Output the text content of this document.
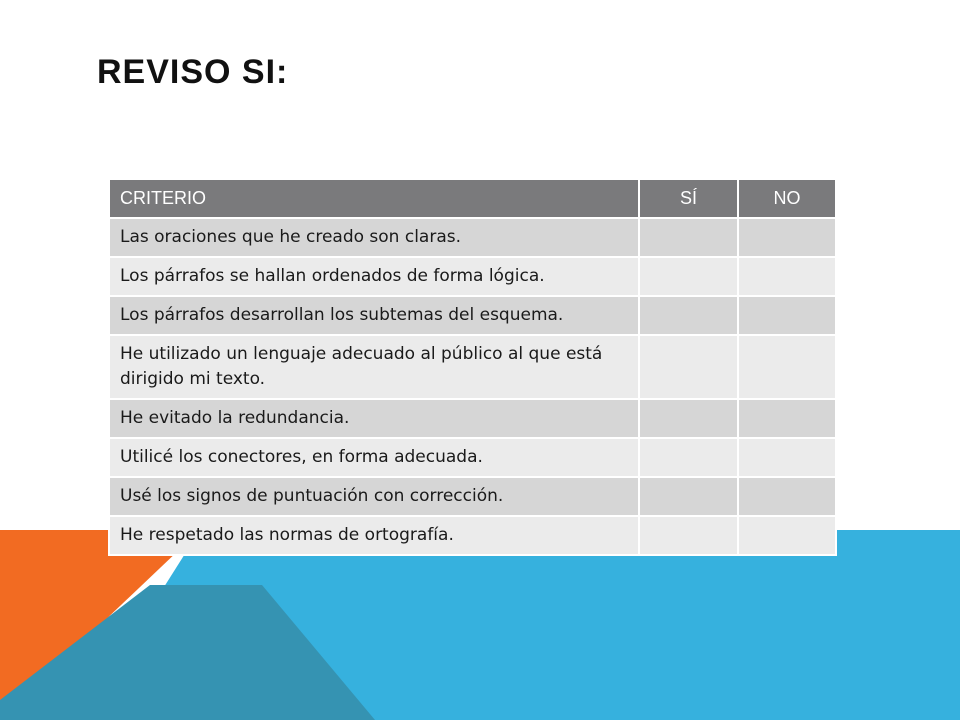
REVISO SI:
CRITERIO	SÍ	NO
Las oraciones que he creado son claras.		
Los párrafos se hallan ordenados de forma lógica.		
Los párrafos desarrollan los subtemas del esquema.		
He utilizado un lenguaje adecuado al público al que está dirigido mi texto.		
He evitado la redundancia.		
Utilicé los conectores, en forma adecuada.		
Usé los signos de puntuación con corrección.		
He respetado las normas de ortografía.		
